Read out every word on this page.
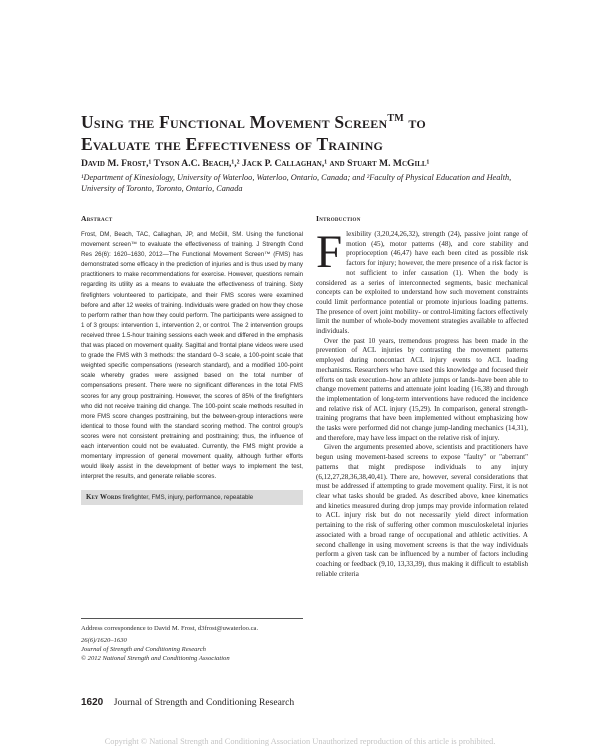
Using the Functional Movement Screen™ to
Evaluate the Effectiveness of Training
David M. Frost,¹ Tyson A.C. Beach,¹,² Jack P. Callaghan,¹ and Stuart M. McGill¹
¹Department of Kinesiology, University of Waterloo, Waterloo, Ontario, Canada; and ²Faculty of Physical Education and Health, University of Toronto, Toronto, Ontario, Canada
Abstract

Frost, DM, Beach, TAC, Callaghan, JP, and McGill, SM. Using the functional movement screen™ to evaluate the effectiveness of training. J Strength Cond Res 26(6): 1620–1630, 2012—The Functional Movement Screen™ (FMS) has demonstrated some efficacy in the prediction of injuries and is thus used by many practitioners to make recommendations for exercise. However, questions remain regarding its utility as a means to evaluate the effectiveness of training. Sixty firefighters volunteered to participate, and their FMS scores were examined before and after 12 weeks of training. Individuals were graded on how they chose to perform rather than how they could perform. The participants were assigned to 1 of 3 groups: intervention 1, intervention 2, or control. The 2 intervention groups received three 1.5-hour training sessions each week and differed in the emphasis that was placed on movement quality. Sagittal and frontal plane videos were used to grade the FMS with 3 methods: the standard 0–3 scale, a 100-point scale that weighted specific compensations (research standard), and a modified 100-point scale whereby grades were assigned based on the total number of compensations present. There were no significant differences in the total FMS scores for any group posttraining. However, the scores of 85% of the firefighters who did not receive training did change. The 100-point scale methods resulted in more FMS score changes posttraining, but the between-group interactions were identical to those found with the standard scoring method. The control group's scores were not consistent pretraining and posttraining; thus, the influence of each intervention could not be evaluated. Currently, the FMS might provide a momentary impression of general movement quality, although further efforts would likely assist in the development of better ways to implement the test, interpret the results, and generate reliable scores.

Key Words firefighter, FMS, injury, performance, repeatable
Address correspondence to David M. Frost, d3frost@uwaterloo.ca.
26(6)/1620–1630
Journal of Strength and Conditioning Research
© 2012 National Strength and Conditioning Association
Introduction

Flexibility (3,20,24,26,32), strength (24), passive joint range of motion (45), motor patterns (48), and core stability and proprioception (46,47) have each been cited as possible risk factors for injury; however, the mere presence of a risk factor is not sufficient to infer causation (1). When the body is considered as a series of interconnected segments, basic mechanical concepts can be exploited to understand how such movement constraints could limit performance potential or promote injurious loading patterns. The presence of overt joint mobility- or control-limiting factors effectively limit the number of whole-body movement strategies available to affected individuals.

Over the past 10 years, tremendous progress has been made in the prevention of ACL injuries by contrasting the movement patterns employed during noncontact ACL injury events to ACL loading mechanisms. Researchers who have used this knowledge and focused their efforts on task execution–how an athlete jumps or lands–have been able to change movement patterns and attenuate joint loading (16,38) and through the implementation of long-term interventions have reduced the incidence and relative risk of ACL injury (15,29). In comparison, general strength-training programs that have been implemented without emphasizing how the tasks were performed did not change jump-landing mechanics (14,31), and therefore, may have less impact on the relative risk of injury.

Given the arguments presented above, scientists and practitioners have begun using movement-based screens to expose "faulty" or "aberrant" patterns that might predispose individuals to any injury (6,12,27,28,36,38,40,41). There are, however, several considerations that must be addressed if attempting to grade movement quality. First, it is not clear what tasks should be graded. As described above, knee kinematics and kinetics measured during drop jumps may provide information related to ACL injury risk but do not necessarily yield direct information pertaining to the risk of suffering other common musculoskeletal injuries associated with a broad range of occupational and athletic activities. A second challenge in using movement screens is that the way individuals perform a given task can be influenced by a number of factors including coaching or feedback (9,10, 13,33,39), thus making it difficult to establish reliable criteria

1620 Journal of Strength and Conditioning Research
Copyright © National Strength and Conditioning Association Unauthorized reproduction of this article is prohibited.
